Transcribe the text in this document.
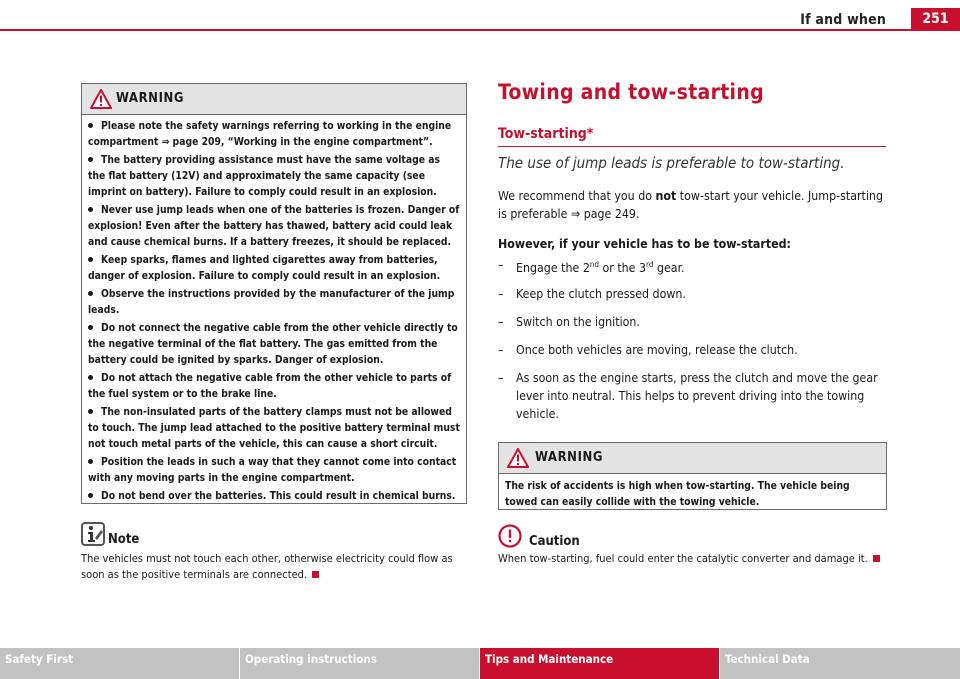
If and when	251
WARNING
Please note the safety warnings referring to working in the engine compartment ⇒ page 209, “Working in the engine compartment”.
The battery providing assistance must have the same voltage as the flat battery (12V) and approximately the same capacity (see imprint on battery). Failure to comply could result in an explosion.
Never use jump leads when one of the batteries is frozen. Danger of explosion! Even after the battery has thawed, battery acid could leak and cause chemical burns. If a battery freezes, it should be replaced.
Keep sparks, flames and lighted cigarettes away from batteries, danger of explosion. Failure to comply could result in an explosion.
Observe the instructions provided by the manufacturer of the jump leads.
Do not connect the negative cable from the other vehicle directly to the negative terminal of the flat battery. The gas emitted from the battery could be ignited by sparks. Danger of explosion.
Do not attach the negative cable from the other vehicle to parts of the fuel system or to the brake line.
The non-insulated parts of the battery clamps must not be allowed to touch. The jump lead attached to the positive battery terminal must not touch metal parts of the vehicle, this can cause a short circuit.
Position the leads in such a way that they cannot come into contact with any moving parts in the engine compartment.
Do not bend over the batteries. This could result in chemical burns.
Note
The vehicles must not touch each other, otherwise electricity could flow as soon as the positive terminals are connected.
Towing and tow-starting
Tow-starting*
The use of jump leads is preferable to tow-starting.
We recommend that you do not tow-start your vehicle. Jump-starting is preferable ⇒ page 249.
However, if your vehicle has to be tow-started:
–	Engage the 2nd or the 3rd gear.
–	Keep the clutch pressed down.
–	Switch on the ignition.
–	Once both vehicles are moving, release the clutch.
–	As soon as the engine starts, press the clutch and move the gear lever into neutral. This helps to prevent driving into the towing vehicle.
WARNING
The risk of accidents is high when tow-starting. The vehicle being towed can easily collide with the towing vehicle.
Caution
When tow-starting, fuel could enter the catalytic converter and damage it.
Safety First	Operating instructions	Tips and Maintenance	Technical Data
